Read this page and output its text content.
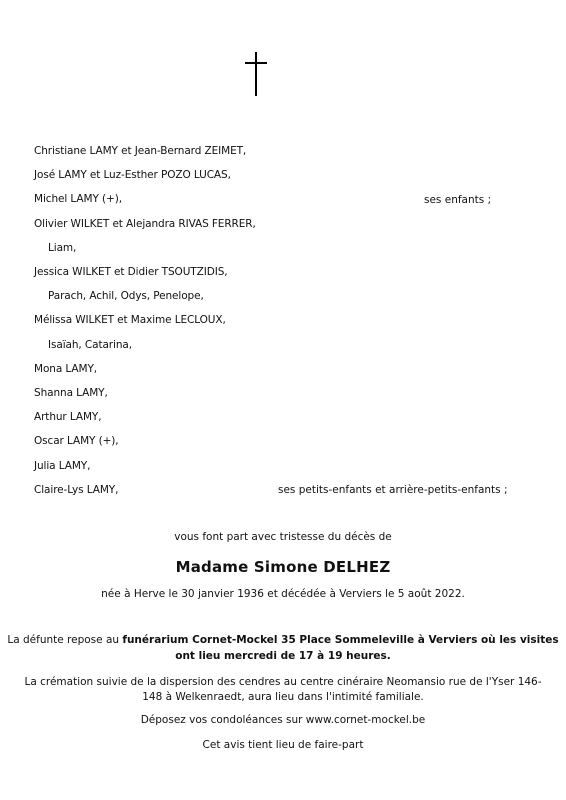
Christiane LAMY et Jean-Bernard ZEIMET,
José LAMY et Luz-Esther POZO LUCAS,
Michel LAMY (+),
Olivier WILKET et Alejandra RIVAS FERRER,
Liam,
Jessica WILKET et Didier TSOUTZIDIS,
Parach, Achil, Odys, Penelope,
Mélissa WILKET et Maxime LECLOUX,
Isaïah, Catarina,
Mona LAMY,
Shanna LAMY,
Arthur LAMY,
Oscar LAMY (+),
Julia LAMY,
Claire-Lys LAMY,
ses enfants ;
ses petits-enfants et arrière-petits-enfants ;
vous font part avec tristesse du décès de
Madame Simone DELHEZ
née à Herve le 30 janvier 1936 et décédée à Verviers le 5 août 2022.
La défunte repose au funérarium Cornet-Mockel 35 Place Sommeleville à Verviers où les visites
ont lieu mercredi de 17 à 19 heures.
La crémation suivie de la dispersion des cendres au centre cinéraire Neomansio rue de l'Yser 146-
148 à Welkenraedt, aura lieu dans l'intimité familiale.
Déposez vos condoléances sur www.cornet-mockel.be
Cet avis tient lieu de faire-part
